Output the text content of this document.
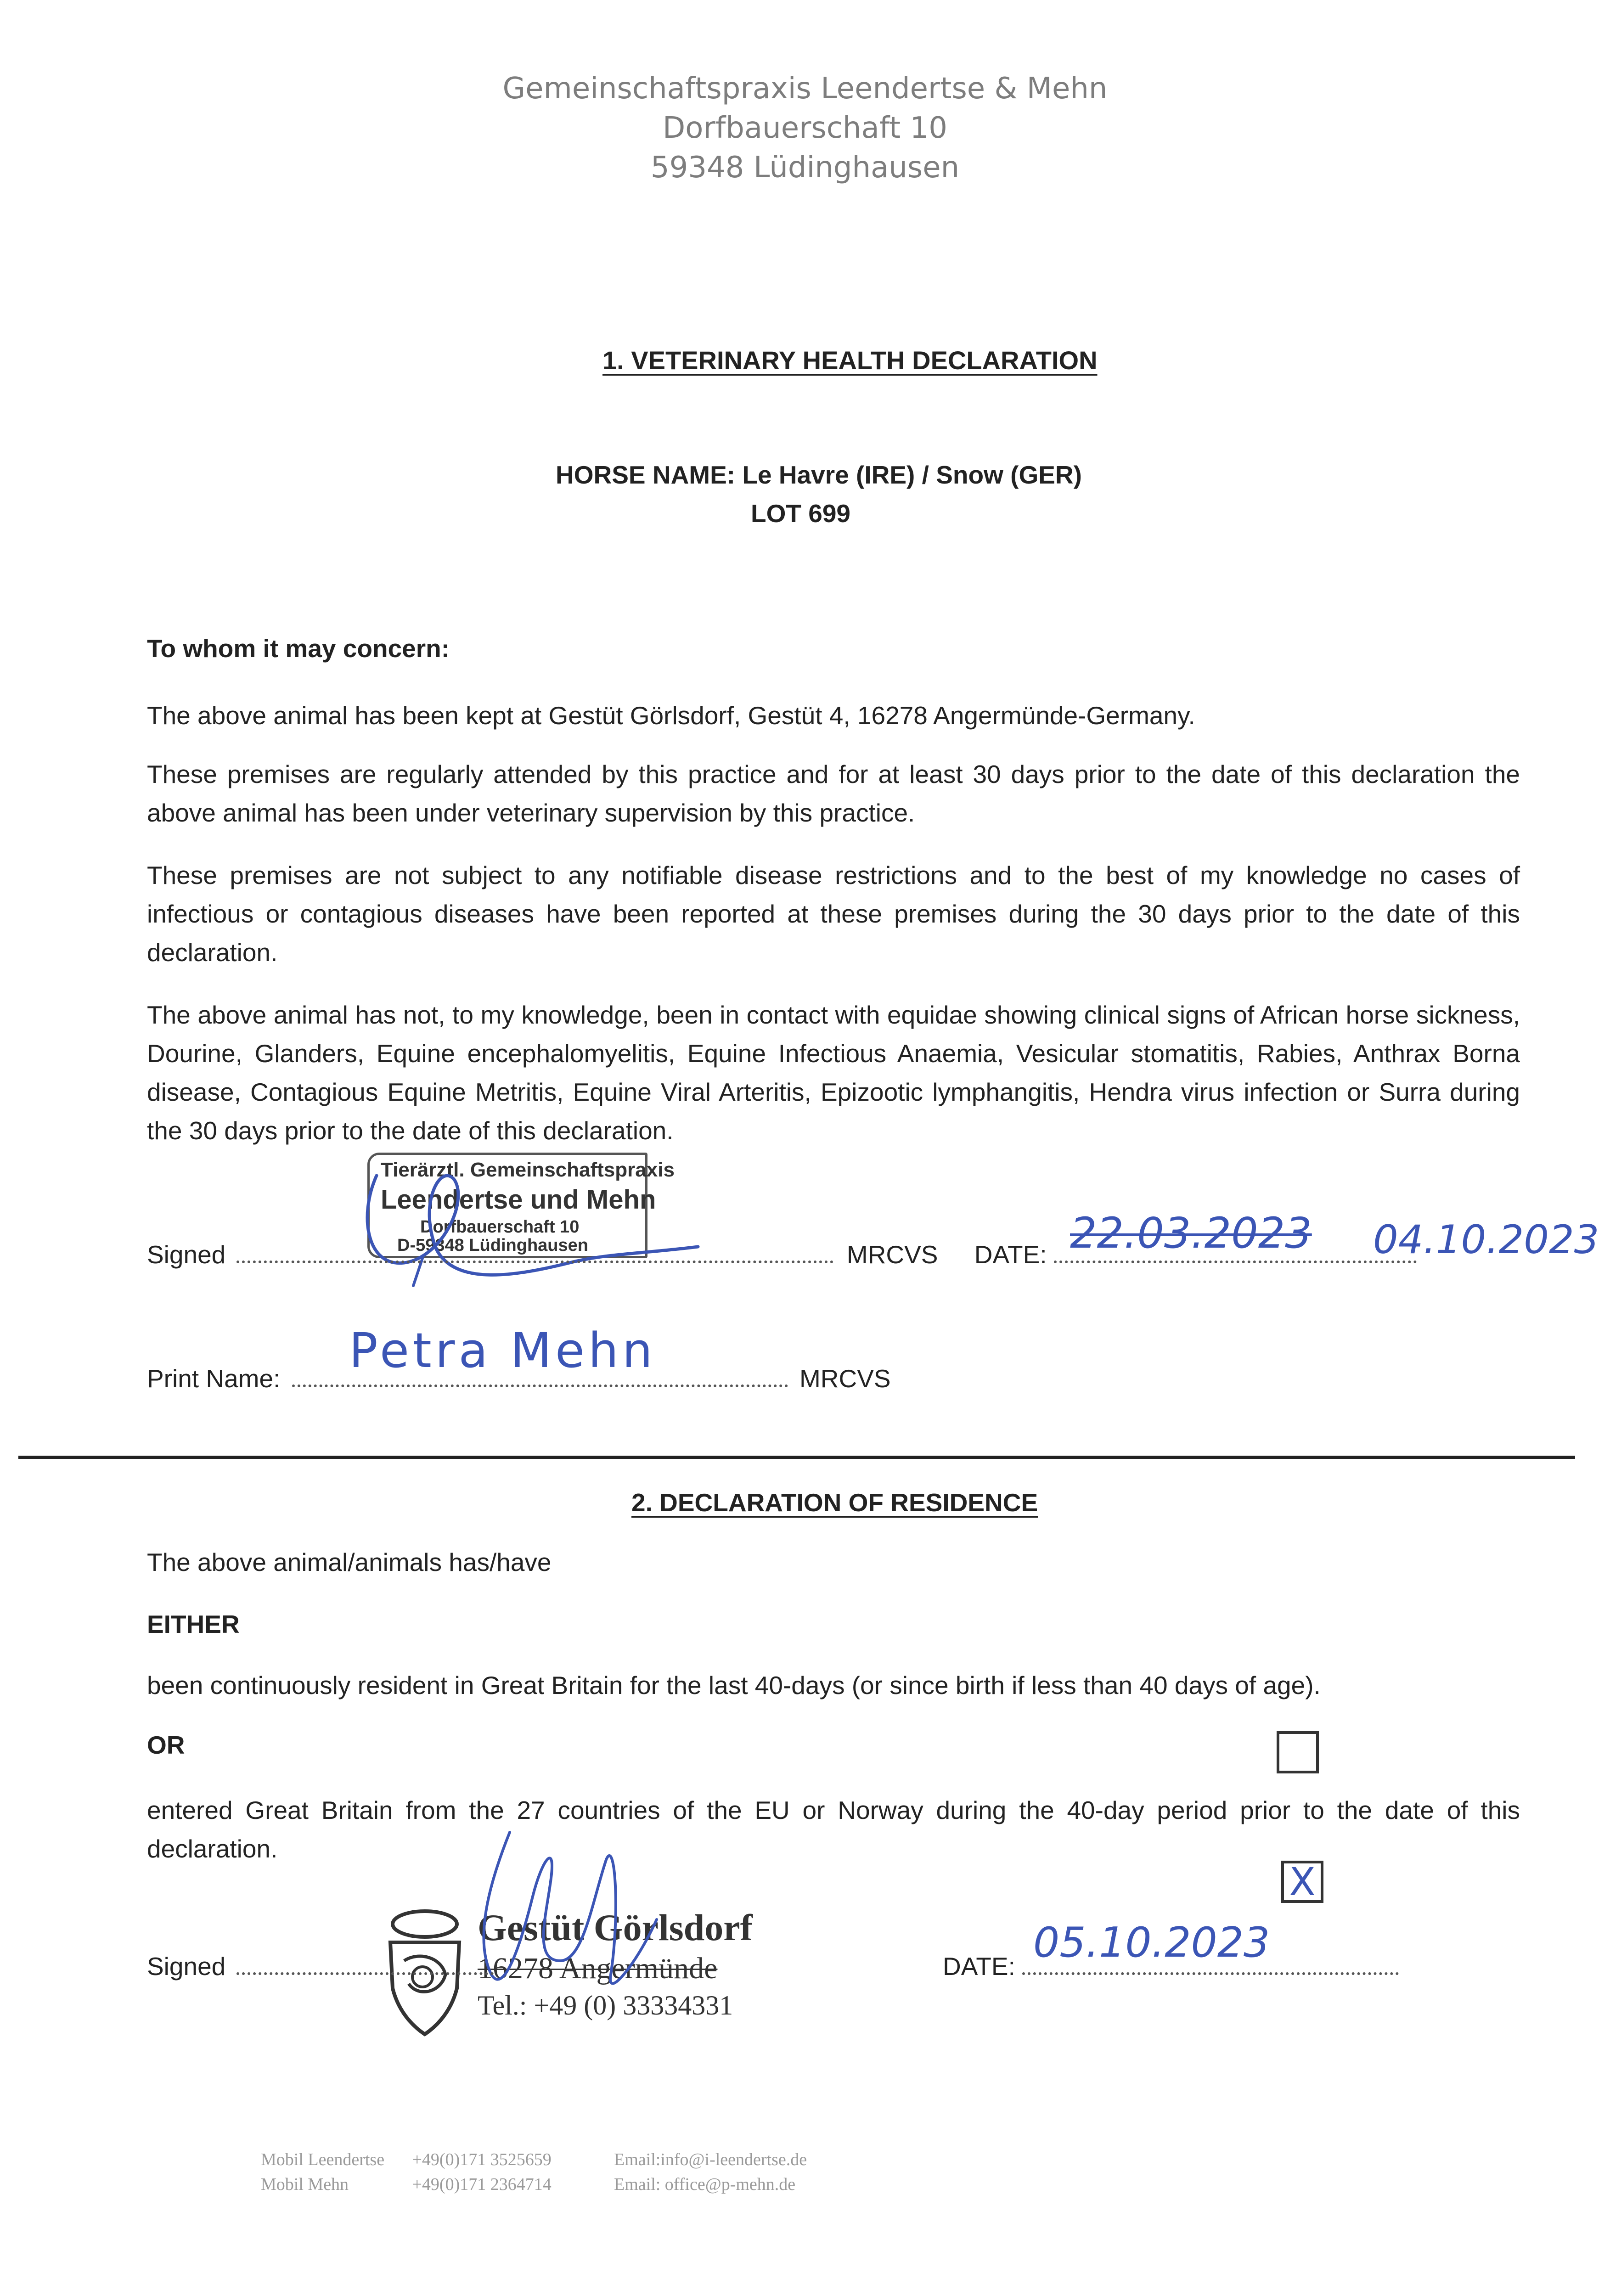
Gemeinschaftspraxis Leendertse & Mehn
Dorfbauerschaft 10
59348 Lüdinghausen
1. VETERINARY HEALTH DECLARATION
HORSE NAME: Le Havre (IRE) / Snow (GER)
LOT 699
To whom it may concern:
The above animal has been kept at Gestüt Görlsdorf, Gestüt 4, 16278 Angermünde-Germany.
These premises are regularly attended by this practice and for at least 30 days prior to the date of this declaration the above animal has been under veterinary supervision by this practice.
These premises are not subject to any notifiable disease restrictions and to the best of my knowledge no cases of infectious or contagious diseases have been reported at these premises during the 30 days prior to the date of this declaration.
The above animal has not, to my knowledge, been in contact with equidae showing clinical signs of African horse sickness, Dourine, Glanders, Equine encephalomyelitis, Equine Infectious Anaemia, Vesicular stomatitis, Rabies, Anthrax Borna disease, Contagious Equine Metritis, Equine Viral Arteritis, Epizootic lymphangitis, Hendra virus infection or Surra during the 30 days prior to the date of this declaration.
Tierärztl. Gemeinschaftspraxis
Leendertse und Mehn
Dorfbauerschaft 10
D-59348 Lüdinghausen
Signed	MRCVS DATE: 22.03.2023 04.10.2023
Print Name:	MRCVS
Petra Mehn
2. DECLARATION OF RESIDENCE
The above animal/animals has/have
EITHER
been continuously resident in Great Britain for the last 40-days (or since birth if less than 40 days of age).
OR
entered Great Britain from the 27 countries of the EU or Norway during the 40-day period prior to the date of this declaration.
X
Gestüt Görlsdorf
16278 Angermünde
Tel.: +49 (0) 33334331
Signed	DATE: 05.10.2023
Mobil Leendertse +49(0)171 3525659	Email:info@i-leendertse.de
Mobil Mehn	+49(0)171 2364714	Email: office@p-mehn.de
